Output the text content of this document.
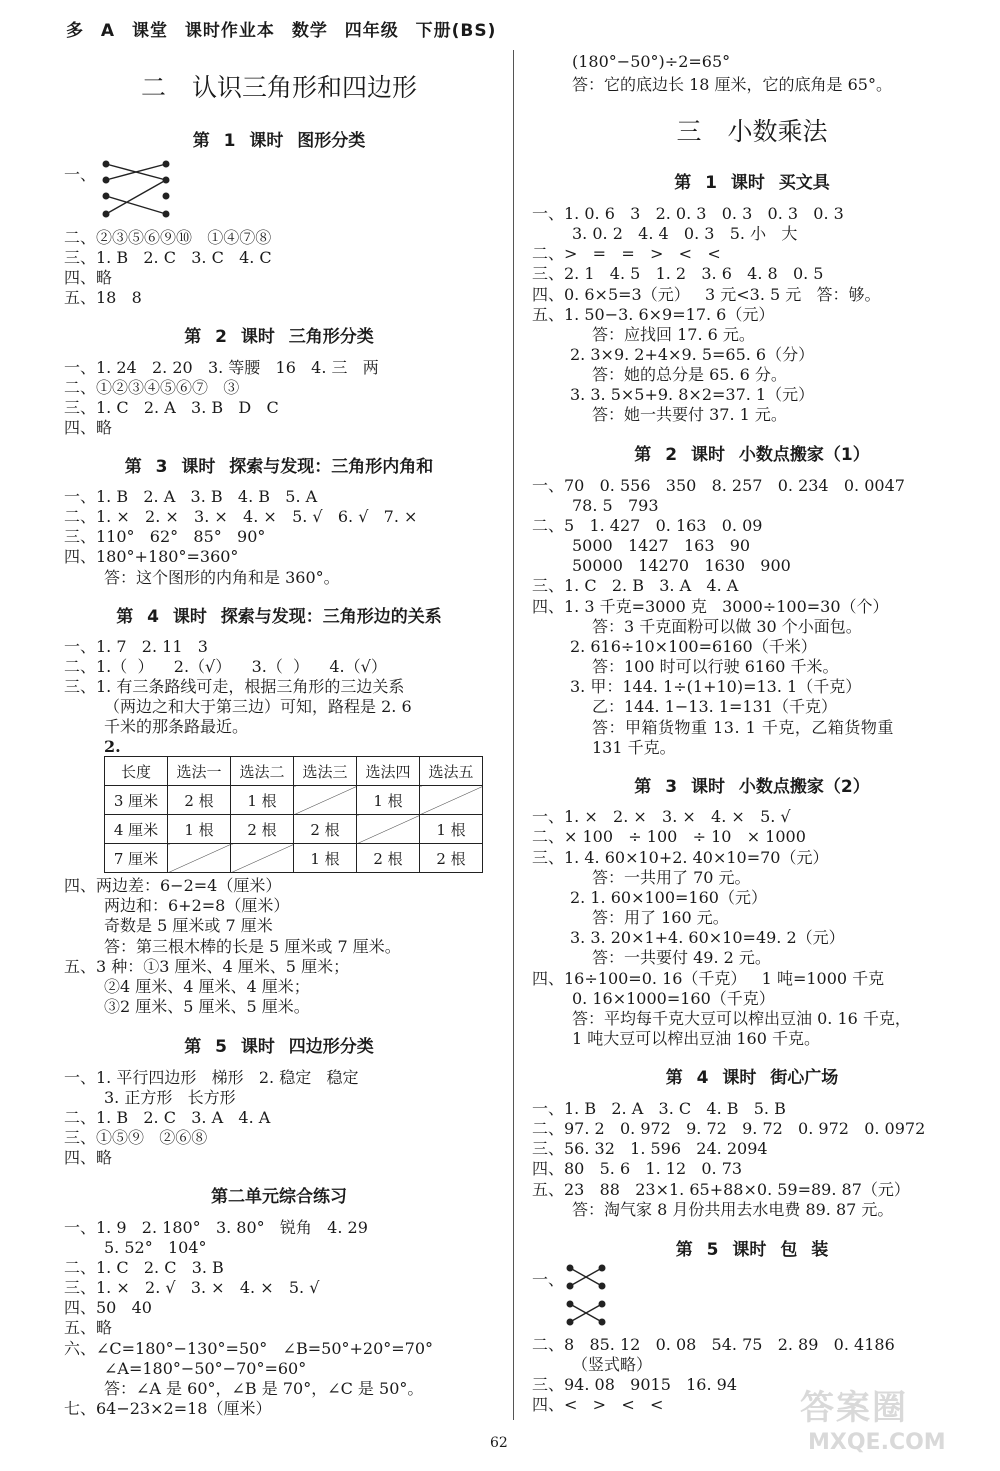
多 A 课堂 课时作业本 数学 四年级 下册(BS)
二 认识三角形和四边形
第 1 课时 图形分类
一、
二、②③⑤⑥⑨⑩   ①④⑦⑧
三、1. B   2. C   3. C   4. C
四、略
五、18   8
第 2 课时 三角形分类
一、1. 24   2. 20   3. 等腰   16   4. 三   两
二、①②③④⑤⑥⑦   ③
三、1. C   2. A   3. B   D   C
四、略
第 3 课时 探索与发现：三角形内角和
一、1. B   2. A   3. B   4. B   5. A
二、1. ×   2. ×   3. ×   4. ×   5. √   6. √   7. ×
三、110°   62°   85°   90°
四、180°+180°=360°
答：这个图形的内角和是 360°。
第 4 课时 探索与发现：三角形边的关系
一、1. 7   2. 11   3
二、1.（  ）    2.（√）    3.（  ）    4.（√）
三、1. 有三条路线可走，根据三角形的三边关系
（两边之和大于第三边）可知，路程是 2. 6
千米的那条路最近。
2.
长度	选法一	选法二	选法三	选法四	选法五
3 厘米	2 根	1 根		1 根	
4 厘米	1 根	2 根	2 根		1 根
7 厘米			1 根	2 根	2 根
四、两边差：6−2=4（厘米）
两边和：6+2=8（厘米）
奇数是 5 厘米或 7 厘米
答：第三根木棒的长是 5 厘米或 7 厘米。
五、3 种：①3 厘米、4 厘米、5 厘米；
②4 厘米、4 厘米、4 厘米；
③2 厘米、5 厘米、5 厘米。
第 5 课时 四边形分类
一、1. 平行四边形   梯形   2. 稳定   稳定
3. 正方形   长方形
二、1. B   2. C   3. A   4. A
三、①⑤⑨   ②⑥⑧
四、略
第二单元综合练习
一、1. 9   2. 180°   3. 80°   锐角   4. 29
5. 52°   104°
二、1. C   2. C   3. B
三、1. ×   2. √   3. ×   4. ×   5. √
四、50   40
五、略
六、∠C=180°−130°=50°   ∠B=50°+20°=70°
∠A=180°−50°−70°=60°
答：∠A 是 60°，∠B 是 70°，∠C 是 50°。
七、64−23×2=18（厘米）
(180°−50°)÷2=65°
答：它的底边长 18 厘米，它的底角是 65°。
三 小数乘法
第 1 课时 买文具
一、1. 0. 6   3   2. 0. 3   0. 3   0. 3   0. 3
3. 0. 2   4. 4   0. 3   5. 小   大
二、>   =   =   >   <   <
三、2. 1   4. 5   1. 2   3. 6   4. 8   0. 5
四、0. 6×5=3（元）   3 元<3. 5 元   答：够。
五、1. 50−3. 6×9=17. 6（元）
答：应找回 17. 6 元。
2. 3×9. 2+4×9. 5=65. 6（分）
答：她的总分是 65. 6 分。
3. 3. 5×5+9. 8×2=37. 1（元）
答：她一共要付 37. 1 元。
第 2 课时 小数点搬家（1）
一、70   0. 556   350   8. 257   0. 234   0. 0047
78. 5   793
二、5   1. 427   0. 163   0. 09
5000   1427   163   90
50000   14270   1630   900
三、1. C   2. B   3. A   4. A
四、1. 3 千克=3000 克   3000÷100=30（个）
答：3 千克面粉可以做 30 个小面包。
2. 616÷10×100=6160（千米）
答：100 时可以行驶 6160 千米。
3. 甲：144. 1÷(1+10)=13. 1（千克）
乙：144. 1−13. 1=131（千克）
答：甲箱货物重 13. 1 千克，乙箱货物重
131 千克。
第 3 课时 小数点搬家（2）
一、1. ×   2. ×   3. ×   4. ×   5. √
二、× 100   ÷ 100   ÷ 10   × 1000
三、1. 4. 60×10+2. 40×10=70（元）
答：一共用了 70 元。
2. 1. 60×100=160（元）
答：用了 160 元。
3. 3. 20×1+4. 60×10=49. 2（元）
答：一共要付 49. 2 元。
四、16÷100=0. 16（千克）   1 吨=1000 千克
0. 16×1000=160（千克）
答：平均每千克大豆可以榨出豆油 0. 16 千克，
1 吨大豆可以榨出豆油 160 千克。
第 4 课时 街心广场
一、1. B   2. A   3. C   4. B   5. B
二、97. 2   0. 972   9. 72   9. 72   0. 972   0. 0972
三、56. 32   1. 596   24. 2094
四、80   5. 6   1. 12   0. 73
五、23   88   23×1. 65+88×0. 59=89. 87（元）
答：淘气家 8 月份共用去水电费 89. 87 元。
第 5 课时 包 装
一、
二、8   85. 12   0. 08   54. 75   2. 89   0. 4186
（竖式略）
三、94. 08   9015   16. 94
四、<   >   <   <
62
答案圈
MXQE.COM
